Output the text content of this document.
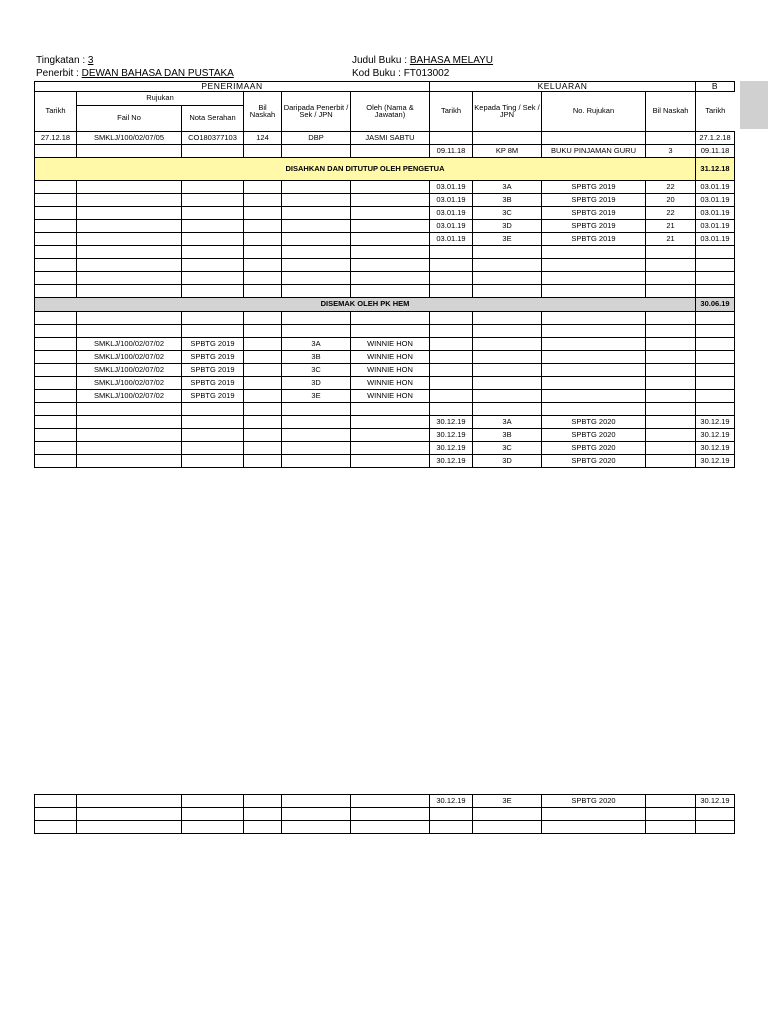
Tingkatan : 3
Penerbit : DEWAN BAHASA DAN PUSTAKA
Judul Buku : BAHASA MELAYU
Kod Buku : FT013002
PENERIMAAN						KELUARAN				B
Tarikh	Rujukan		Bil Naskah	Daripada Penerbit / Sek / JPN	Oleh (Nama & Jawatan)	Tarikh	Kepada Ting / Sek / JPN	No. Rujukan	Bil Naskah	Tarikh
	Fail No	Nota Serahan								
27.12.18	SMKLJ/100/02/07/05	CO180377103	124	DBP	JASMI SABTU					27.1.2.18
						09.11.18	KP 8M	BUKU PINJAMAN GURU	3	09.11.18
DISAHKAN DAN DITUTUP OLEH PENGETUA										31.12.18
						03.01.19	3A	SPBTG 2019	22	03.01.19
						03.01.19	3B	SPBTG 2019	20	03.01.19
						03.01.19	3C	SPBTG 2019	22	03.01.19
						03.01.19	3D	SPBTG 2019	21	03.01.19
						03.01.19	3E	SPBTG 2019	21	03.01.19

DISEMAK OLEH PK HEM										30.06.19

	SMKLJ/100/02/07/02	SPBTG 2019		3A	WINNIE HON					
	SMKLJ/100/02/07/02	SPBTG 2019		3B	WINNIE HON					
	SMKLJ/100/02/07/02	SPBTG 2019		3C	WINNIE HON					
	SMKLJ/100/02/07/02	SPBTG 2019		3D	WINNIE HON					
	SMKLJ/100/02/07/02	SPBTG 2019		3E	WINNIE HON					

						30.12.19	3A	SPBTG 2020		30.12.19
						30.12.19	3B	SPBTG 2020		30.12.19
						30.12.19	3C	SPBTG 2020		30.12.19
						30.12.19	3D	SPBTG 2020		30.12.19
						30.12.19	3E	SPBTG 2020		30.12.19
